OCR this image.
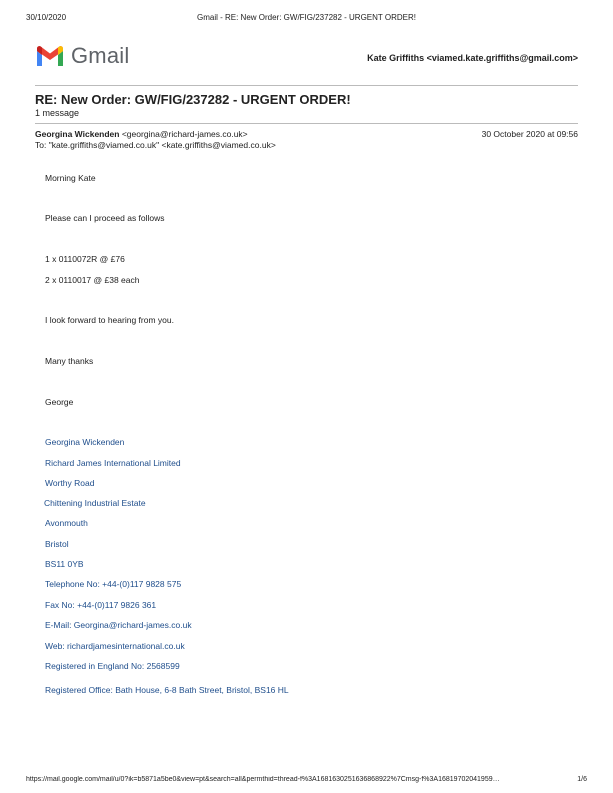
30/10/2020	Gmail - RE: New Order: GW/FIG/237282 - URGENT ORDER!
Gmail	Kate Griffiths <viamed.kate.griffiths@gmail.com>
RE: New Order: GW/FIG/237282 - URGENT ORDER!
1 message
Georgina Wickenden <georgina@richard-james.co.uk>	30 October 2020 at 09:56
To: "kate.griffiths@viamed.co.uk" <kate.griffiths@viamed.co.uk>
Morning Kate
Please can I proceed as follows
1 x 0110072R @ £76
2 x 0110017 @ £38 each
I look forward to hearing from you.
Many thanks
George
Georgina Wickenden
Richard James International Limited
Worthy Road
Chittening Industrial Estate
Avonmouth
Bristol
BS11 0YB
Telephone No: +44-(0)117 9828 575
Fax No: +44-(0)117 9826 361
E-Mail: Georgina@richard-james.co.uk
Web: richardjamesinternational.co.uk
Registered in England No: 2568599
Registered Office: Bath House, 6-8 Bath Street, Bristol, BS16 HL
https://mail.google.com/mail/u/0?ik=b5871a5be0&view=pt&search=all&permthid=thread-f%3A1681630251636868922%7Cmsg-f%3A16819702041959…	1/6
